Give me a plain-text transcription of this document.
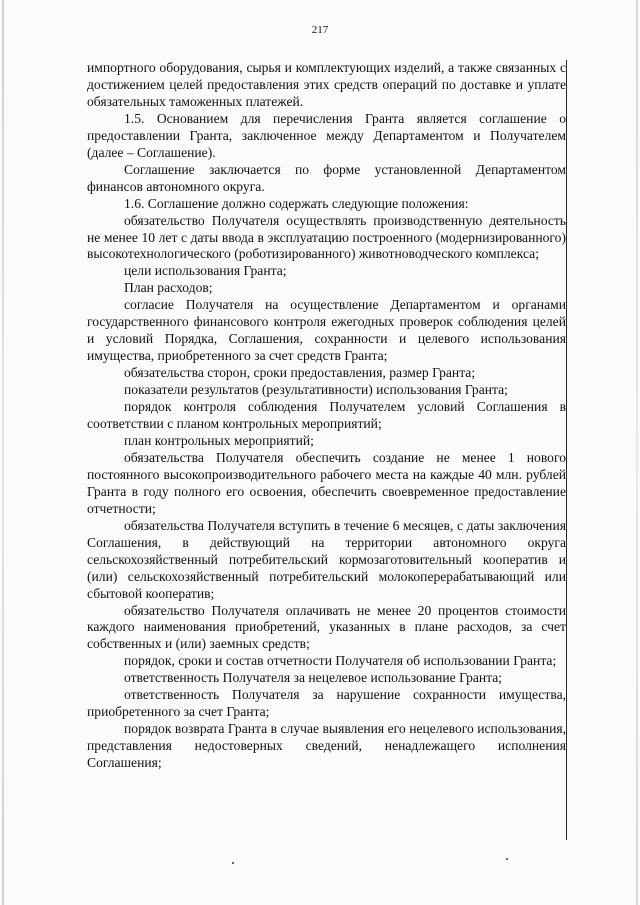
217

импортного оборудования, сырья и комплектующих изделий, а также связанных с достижением целей предоставления этих средств операций по доставке и уплате обязательных таможенных платежей.

1.5. Основанием для перечисления Гранта является соглашение о предоставлении Гранта, заключенное между Департаментом и Получателем (далее – Соглашение).

Соглашение заключается по форме установленной Департаментом финансов автономного округа.

1.6. Соглашение должно содержать следующие положения:

обязательство Получателя осуществлять производственную деятельность не менее 10 лет с даты ввода в эксплуатацию построенного (модернизированного) высокотехнологического (роботизированного) животноводческого комплекса;

цели использования Гранта;

План расходов;

согласие Получателя на осуществление Департаментом и органами государственного финансового контроля ежегодных проверок соблюдения целей и условий Порядка, Соглашения, сохранности и целевого использования имущества, приобретенного за счет средств Гранта;

обязательства сторон, сроки предоставления, размер Гранта;

показатели результатов (результативности) использования Гранта;

порядок контроля соблюдения Получателем условий Соглашения в соответствии с планом контрольных мероприятий;

план контрольных мероприятий;

обязательства Получателя обеспечить создание не менее 1 нового постоянного высокопроизводительного рабочего места на каждые 40 млн. рублей Гранта в году полного его освоения, обеспечить своевременное предоставление отчетности;

обязательства Получателя вступить в течение 6 месяцев, с даты заключения Соглашения, в действующий на территории автономного округа сельскохозяйственный потребительский кормозаготовительный кооператив и (или) сельскохозяйственный потребительский молокоперерабатывающий или сбытовой кооператив;

обязательство Получателя оплачивать не менее 20 процентов стоимости каждого наименования приобретений, указанных в плане расходов, за счет собственных и (или) заемных средств;

порядок, сроки и состав отчетности Получателя об использовании Гранта;

ответственность Получателя за нецелевое использование Гранта;

ответственность Получателя за нарушение сохранности имущества, приобретенного за счет Гранта;

порядок возврата Гранта в случае выявления его нецелевого использования, представления недостоверных сведений, ненадлежащего исполнения Соглашения;
